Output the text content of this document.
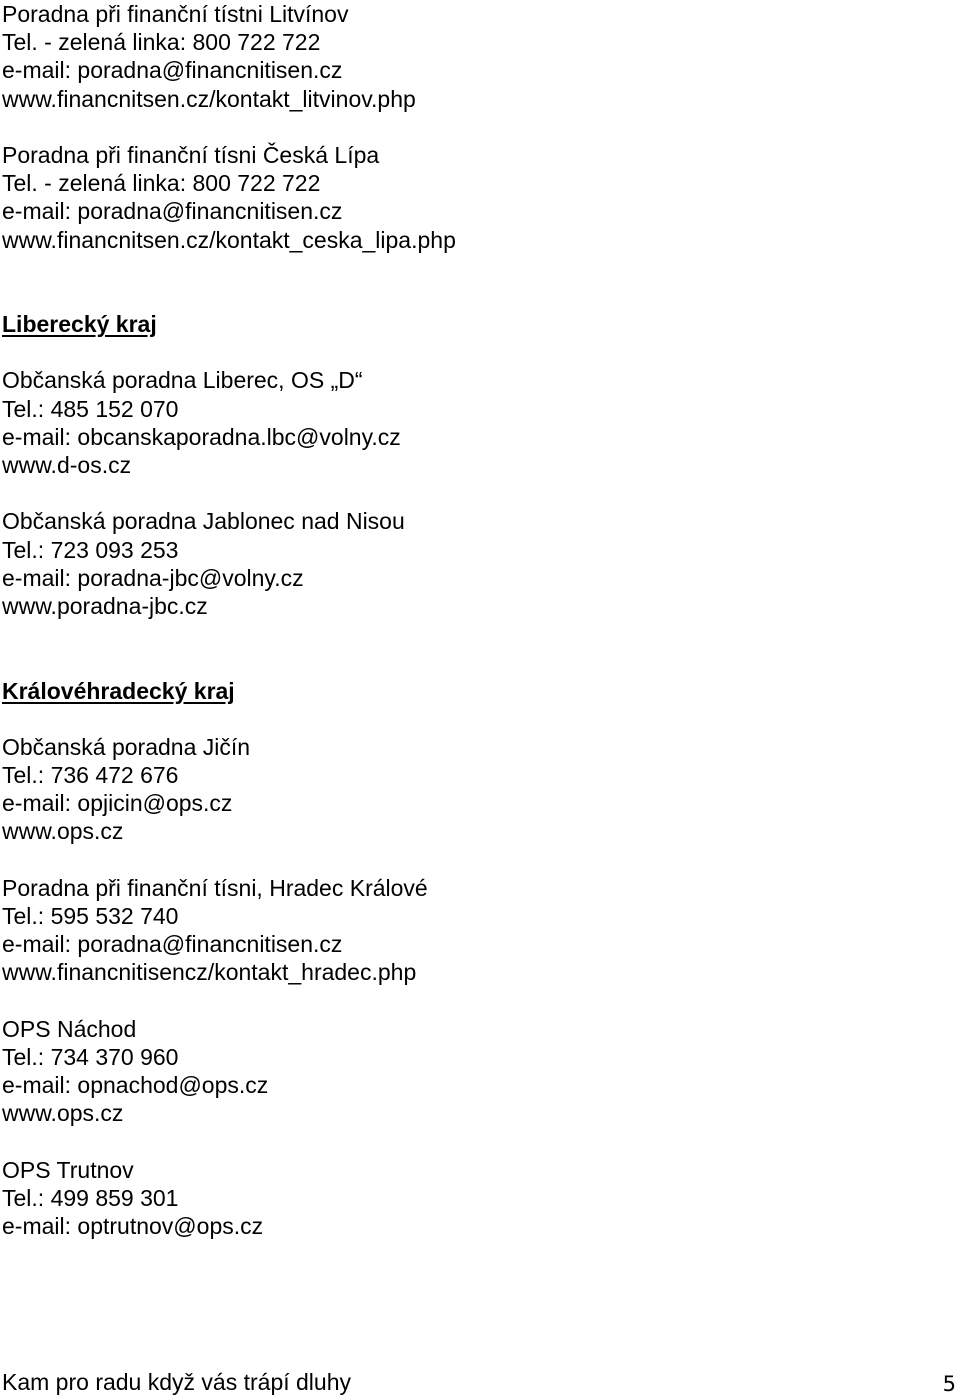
Poradna při finanční tístni Litvínov
Tel. - zelená linka: 800 722 722
e-mail: poradna@financnitisen.cz
www.financnitsen.cz/kontakt_litvinov.php
Poradna při finanční tísni Česká Lípa
Tel. - zelená linka: 800 722 722
e-mail: poradna@financnitisen.cz
www.financnitsen.cz/kontakt_ceska_lipa.php
Liberecký kraj
Občanská poradna Liberec, OS „D“
Tel.: 485 152 070
e-mail: obcanskaporadna.lbc@volny.cz
www.d-os.cz
Občanská poradna Jablonec nad Nisou
Tel.: 723 093 253
e-mail: poradna-jbc@volny.cz
www.poradna-jbc.cz
Královéhradecký kraj
Občanská poradna Jičín
Tel.: 736 472 676
e-mail: opjicin@ops.cz
www.ops.cz
Poradna při finanční tísni, Hradec Králové
Tel.: 595 532 740
e-mail: poradna@financnitisen.cz
www.financnitisencz/kontakt_hradec.php
OPS Náchod
Tel.: 734 370 960
e-mail: opnachod@ops.cz
www.ops.cz
OPS Trutnov
Tel.: 499 859 301
e-mail: optrutnov@ops.cz
Kam pro radu když vás trápí dluhy	5
